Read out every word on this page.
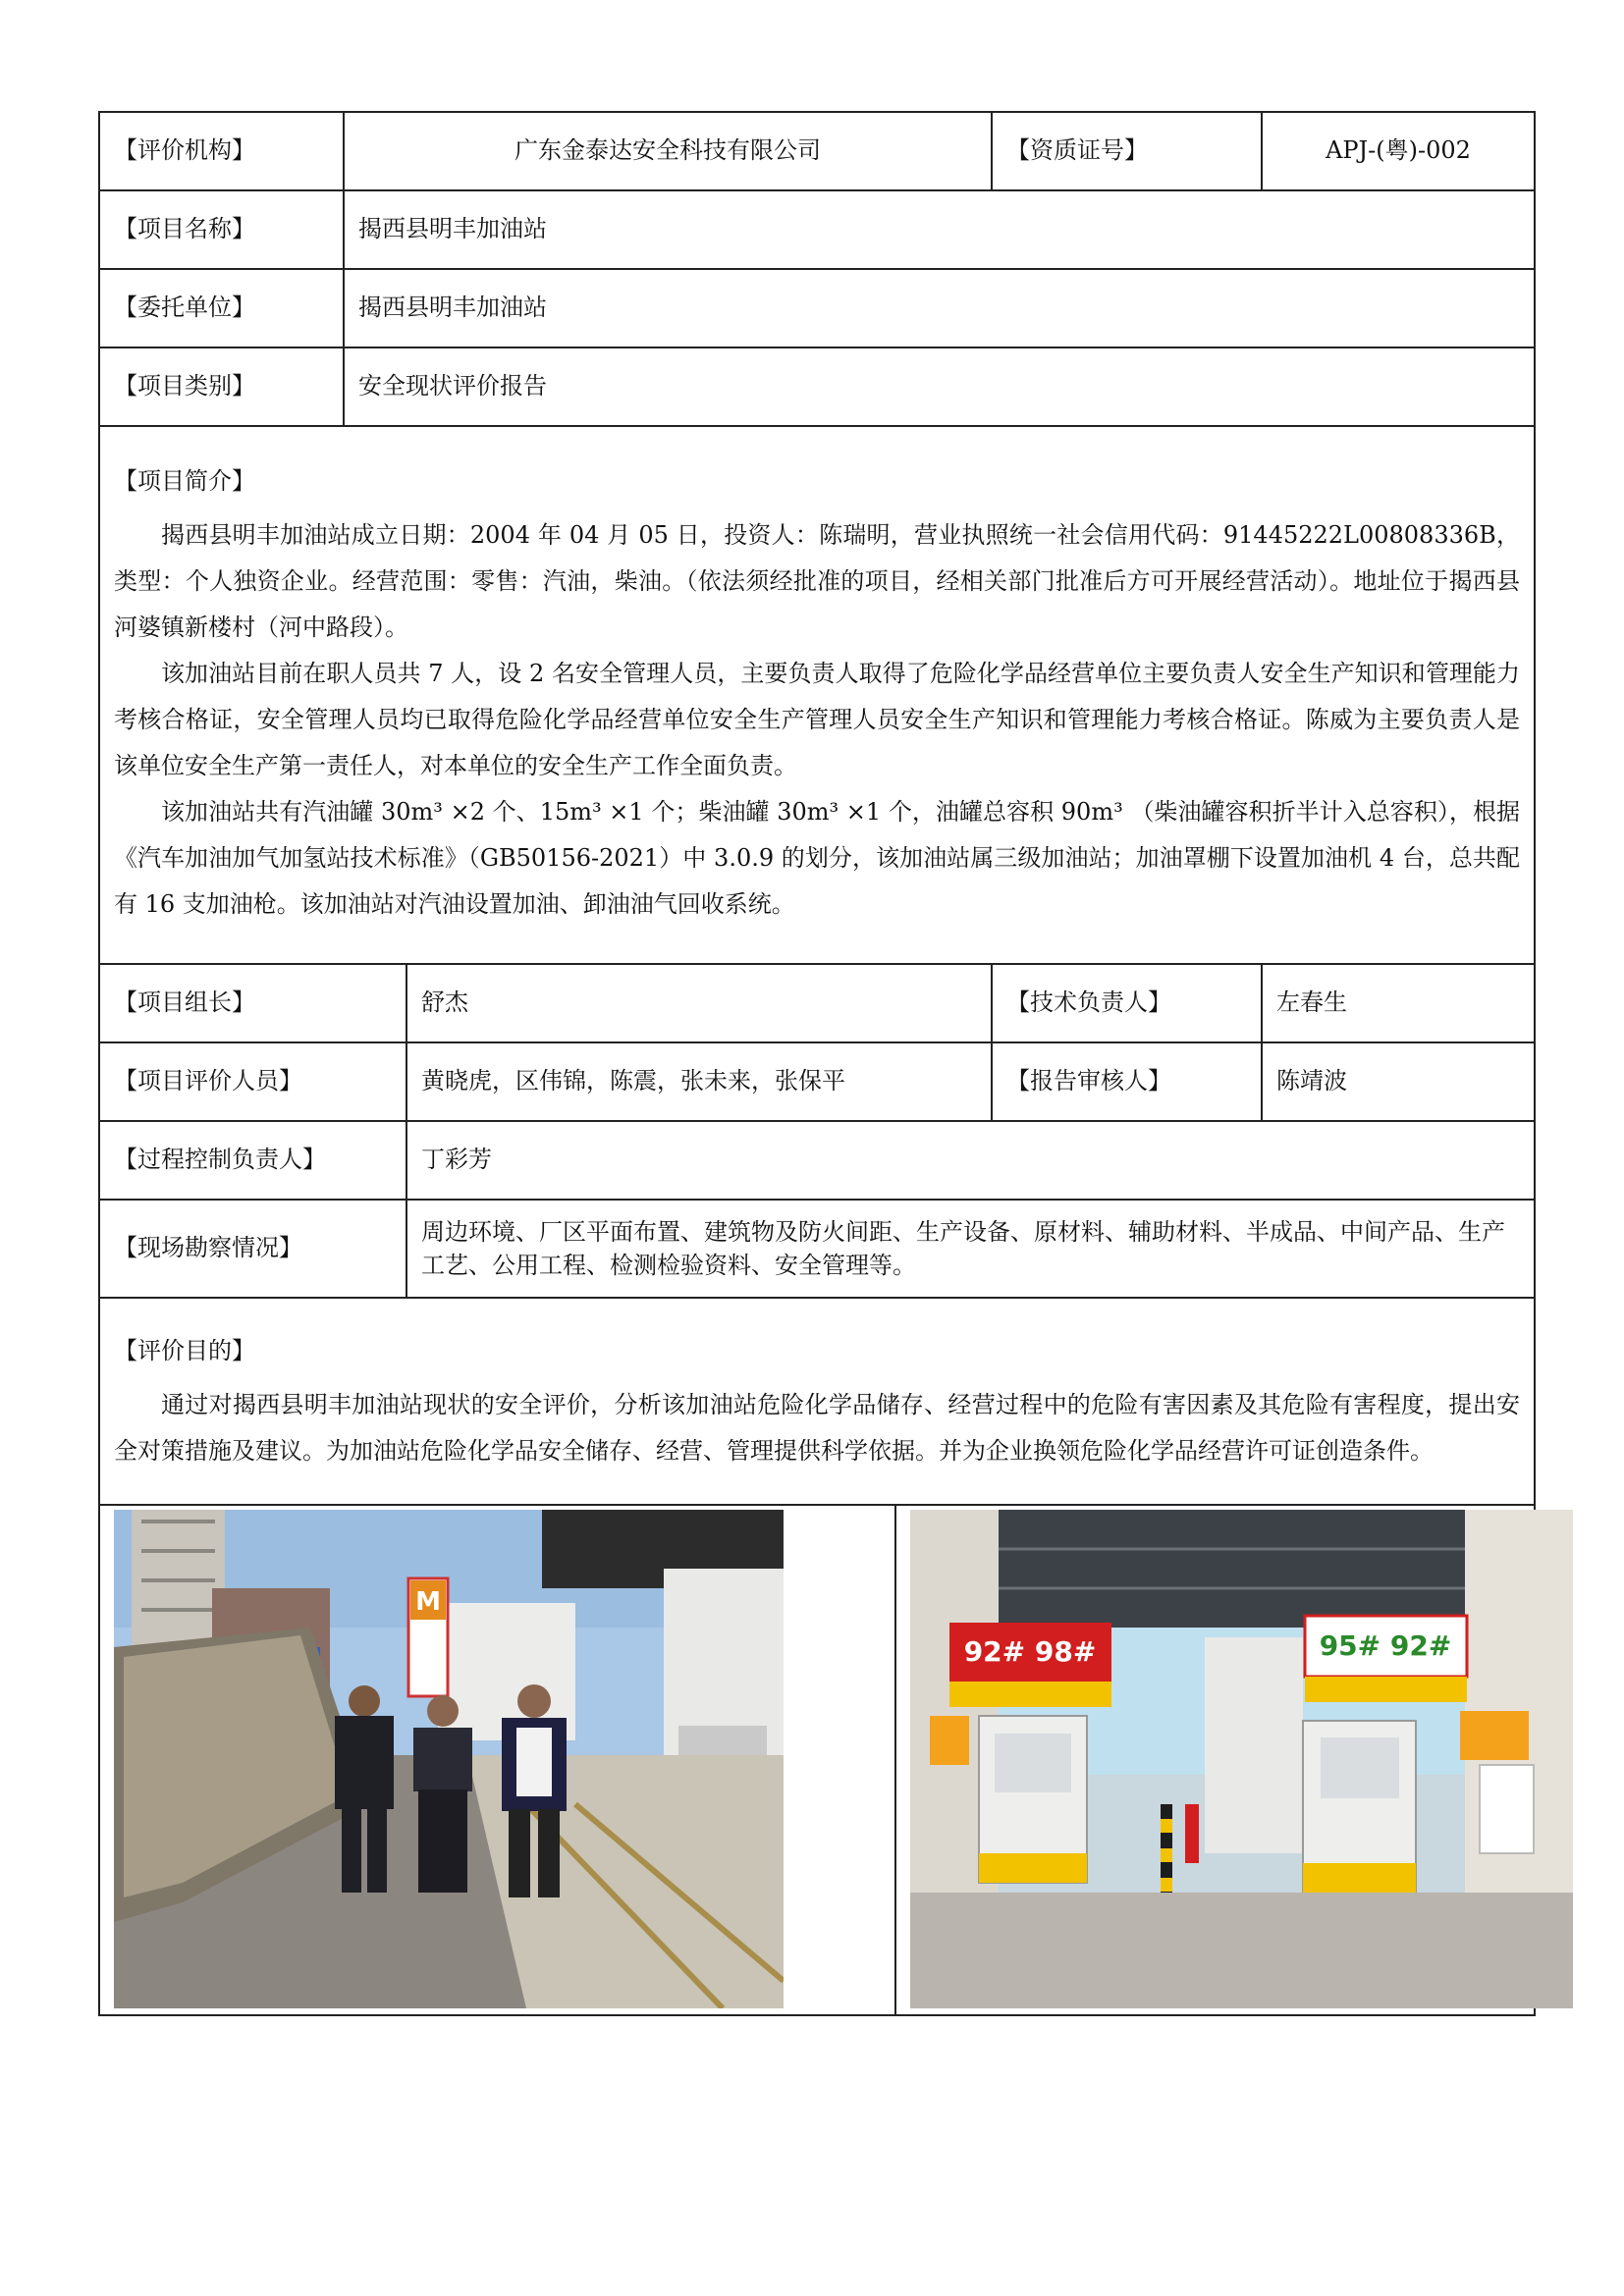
【评价机构】	广东金泰达安全科技有限公司			【资质证号】	APJ-(粤)-002
【项目名称】	揭西县明丰加油站				
【委托单位】	揭西县明丰加油站				
【项目类别】	安全现状评价报告				

【项目简介】

揭西县明丰加油站成立日期：2004 年 04 月 05 日，投资人：陈瑞明，营业执照统一社会信用代码：91445222L00808336B，类型：个人独资企业。经营范围：零售：汽油，柴油。（依法须经批准的项目，经相关部门批准后方可开展经营活动）。地址位于揭西县河婆镇新楼村（河中路段）。

该加油站目前在职人员共 7 人，设 2 名安全管理人员，主要负责人取得了危险化学品经营单位主要负责人安全生产知识和管理能力考核合格证，安全管理人员均已取得危险化学品经营单位安全生产管理人员安全生产知识和管理能力考核合格证。陈威为主要负责人是该单位安全生产第一责任人，对本单位的安全生产工作全面负责。

该加油站共有汽油罐 30m³ ×2 个、15m³ ×1 个；柴油罐 30m³ ×1 个，油罐总容积 90m³ （柴油罐容积折半计入总容积），根据《汽车加油加气加氢站技术标准》（GB50156-2021）中 3.0.9 的划分，该加油站属三级加油站；加油罩棚下设置加油机 4 台，总共配有 16 支加油枪。该加油站对汽油设置加油、卸油油气回收系统。					

【项目组长】		舒杰		【技术负责人】	左春生
【项目评价人员】		黄晓虎，区伟锦，陈震，张未来，张保平		【报告审核人】	陈靖波
【过程控制负责人】		丁彩芳			
【现场勘察情况】		周边环境、厂区平面布置、建筑物及防火间距、生产设备、原材料、辅助材料、半成品、中间产品、生产工艺、公用工程、检测检验资料、安全管理等。			

【评价目的】

通过对揭西县明丰加油站现状的安全评价，分析该加油站危险化学品储存、经营过程中的危险有害因素及其危险有害程度，提出安全对策措施及建议。为加油站危险化学品安全储存、经营、管理提供科学依据。并为企业换领危险化学品经营许可证创造条件。					

M			92# 98# 95# 92#		
